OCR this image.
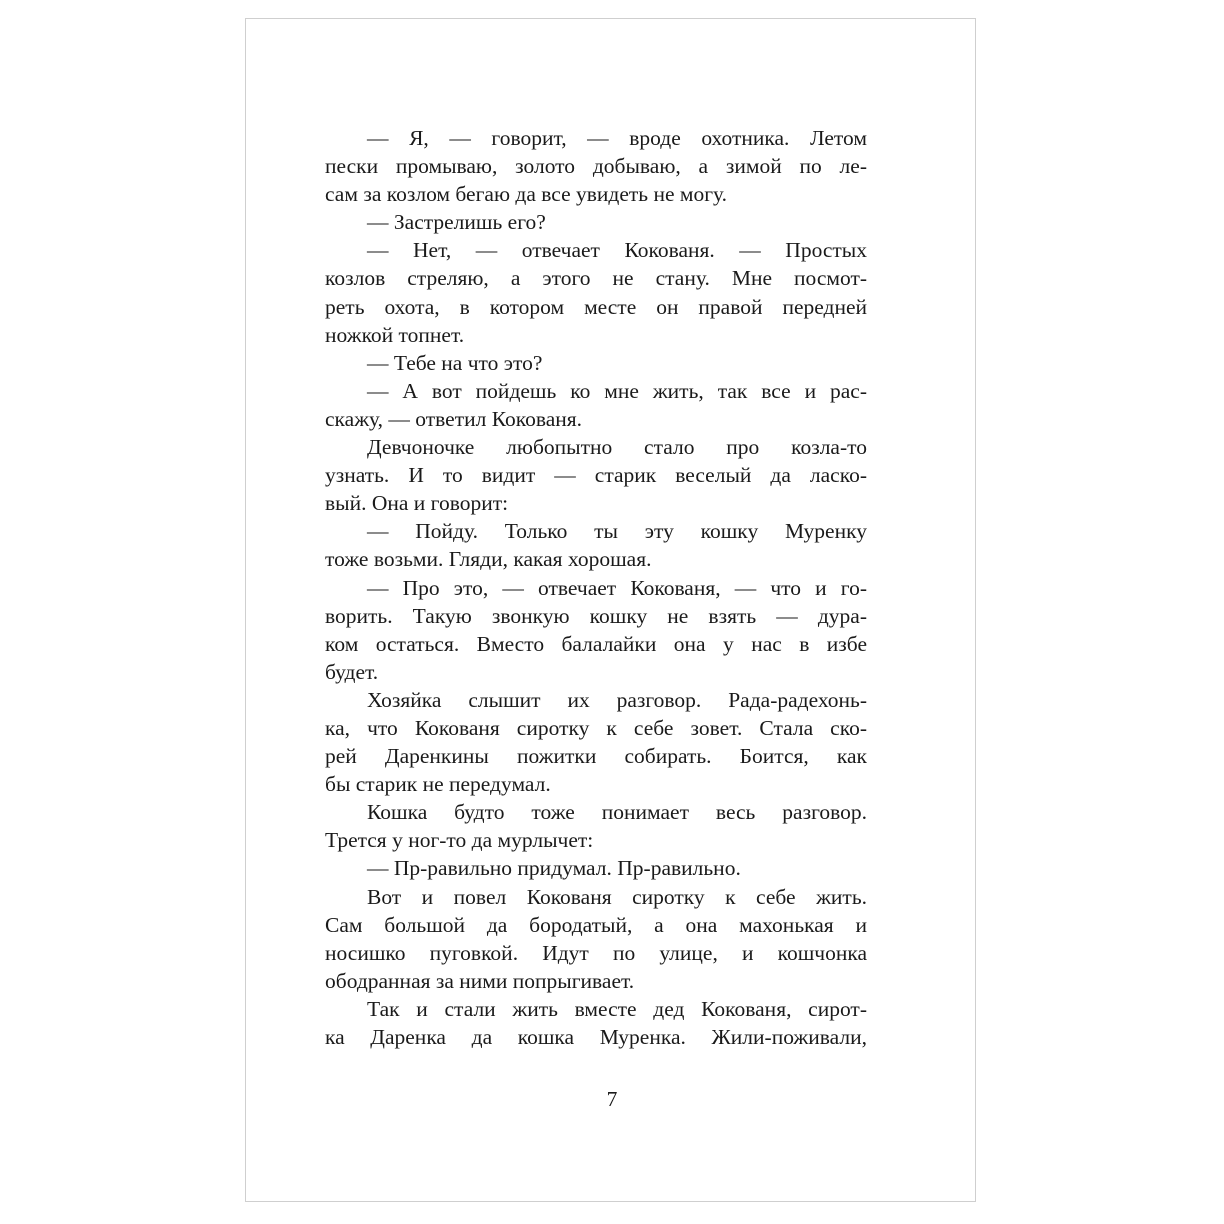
— Я, — говорит, — вроде охотника. Летом
пески промываю, золото добываю, а зимой по ле-
сам за козлом бегаю да все увидеть не могу.
— Застрелишь его?
— Нет, — отвечает Кокованя. — Простых
козлов стреляю, а этого не стану. Мне посмот-
реть охота, в котором месте он правой передней
ножкой топнет.
— Тебе на что это?
— А вот пойдешь ко мне жить, так все и рас-
скажу, — ответил Кокованя.
Девчоночке любопытно стало про козла-то
узнать. И то видит — старик веселый да ласко-
вый. Она и говорит:
— Пойду. Только ты эту кошку Муренку
тоже возьми. Гляди, какая хорошая.
— Про это, — отвечает Кокованя, — что и го-
ворить. Такую звонкую кошку не взять — дура-
ком остаться. Вместо балалайки она у нас в избе
будет.
Хозяйка слышит их разговор. Рада-радехонь-
ка, что Кокованя сиротку к себе зовет. Стала ско-
рей Даренкины пожитки собирать. Боится, как
бы старик не передумал.
Кошка будто тоже понимает весь разговор.
Трется у ног-то да мурлычет:
— Пр-равильно придумал. Пр-равильно.
Вот и повел Кокованя сиротку к себе жить.
Сам большой да бородатый, а она махонькая и
носишко пуговкой. Идут по улице, и кошчонка
ободранная за ними попрыгивает.
Так и стали жить вместе дед Кокованя, сирот-
ка Даренка да кошка Муренка. Жили-поживали,
7
